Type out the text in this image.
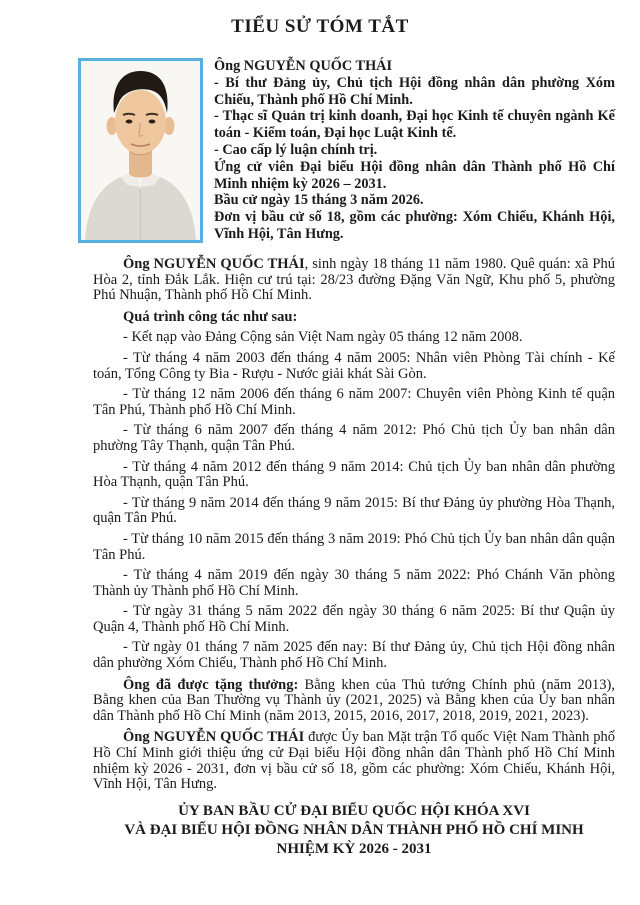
TIỂU SỬ TÓM TẮT

Ông NGUYỄN QUỐC THÁI

- Bí thư Đảng ủy, Chủ tịch Hội đồng nhân dân phường Xóm Chiếu, Thành phố Hồ Chí Minh.

- Thạc sĩ Quản trị kinh doanh, Đại học Kinh tế chuyên ngành Kế toán - Kiểm toán, Đại học Luật Kinh tế.

- Cao cấp lý luận chính trị.

Ứng cử viên Đại biểu Hội đồng nhân dân Thành phố Hồ Chí Minh nhiệm kỳ 2026 – 2031.

Bầu cử ngày 15 tháng 3 năm 2026.

Đơn vị bầu cử số 18, gồm các phường: Xóm Chiếu, Khánh Hội, Vĩnh Hội, Tân Hưng.

Ông NGUYỄN QUỐC THÁI, sinh ngày 18 tháng 11 năm 1980. Quê quán: xã Phú Hòa 2, tỉnh Đắk Lắk. Hiện cư trú tại: 28/23 đường Đặng Văn Ngữ, Khu phố 5, phường Phú Nhuận, Thành phố Hồ Chí Minh.

Quá trình công tác như sau:

- Kết nạp vào Đảng Cộng sản Việt Nam ngày 05 tháng 12 năm 2008.

- Từ tháng 4 năm 2003 đến tháng 4 năm 2005: Nhân viên Phòng Tài chính - Kế toán, Tổng Công ty Bia - Rượu - Nước giải khát Sài Gòn.

- Từ tháng 12 năm 2006 đến tháng 6 năm 2007: Chuyên viên Phòng Kinh tế quận Tân Phú, Thành phố Hồ Chí Minh.

- Từ tháng 6 năm 2007 đến tháng 4 năm 2012: Phó Chủ tịch Ủy ban nhân dân phường Tây Thạnh, quận Tân Phú.

- Từ tháng 4 năm 2012 đến tháng 9 năm 2014: Chủ tịch Ủy ban nhân dân phường Hòa Thạnh, quận Tân Phú.

- Từ tháng 9 năm 2014 đến tháng 9 năm 2015: Bí thư Đảng ủy phường Hòa Thạnh, quận Tân Phú.

- Từ tháng 10 năm 2015 đến tháng 3 năm 2019: Phó Chủ tịch Ủy ban nhân dân quận Tân Phú.

- Từ tháng 4 năm 2019 đến ngày 30 tháng 5 năm 2022: Phó Chánh Văn phòng Thành ủy Thành phố Hồ Chí Minh.

- Từ ngày 31 tháng 5 năm 2022 đến ngày 30 tháng 6 năm 2025: Bí thư Quận ủy Quận 4, Thành phố Hồ Chí Minh.

- Từ ngày 01 tháng 7 năm 2025 đến nay: Bí thư Đảng ủy, Chủ tịch Hội đồng nhân dân phường Xóm Chiếu, Thành phố Hồ Chí Minh.

Ông đã được tặng thưởng: Bằng khen của Thủ tướng Chính phủ (năm 2013), Bằng khen của Ban Thường vụ Thành ủy (2021, 2025) và Bằng khen của Ủy ban nhân dân Thành phố Hồ Chí Minh (năm 2013, 2015, 2016, 2017, 2018, 2019, 2021, 2023).

Ông NGUYỄN QUỐC THÁI được Ủy ban Mặt trận Tổ quốc Việt Nam Thành phố Hồ Chí Minh giới thiệu ứng cử Đại biểu Hội đồng nhân dân Thành phố Hồ Chí Minh nhiệm kỳ 2026 - 2031, đơn vị bầu cử số 18, gồm các phường: Xóm Chiếu, Khánh Hội, Vĩnh Hội, Tân Hưng.

ỦY BAN BẦU CỬ ĐẠI BIỂU QUỐC HỘI KHÓA XVI

VÀ ĐẠI BIỂU HỘI ĐỒNG NHÂN DÂN THÀNH PHỐ HỒ CHÍ MINH

NHIỆM KỲ 2026 - 2031
